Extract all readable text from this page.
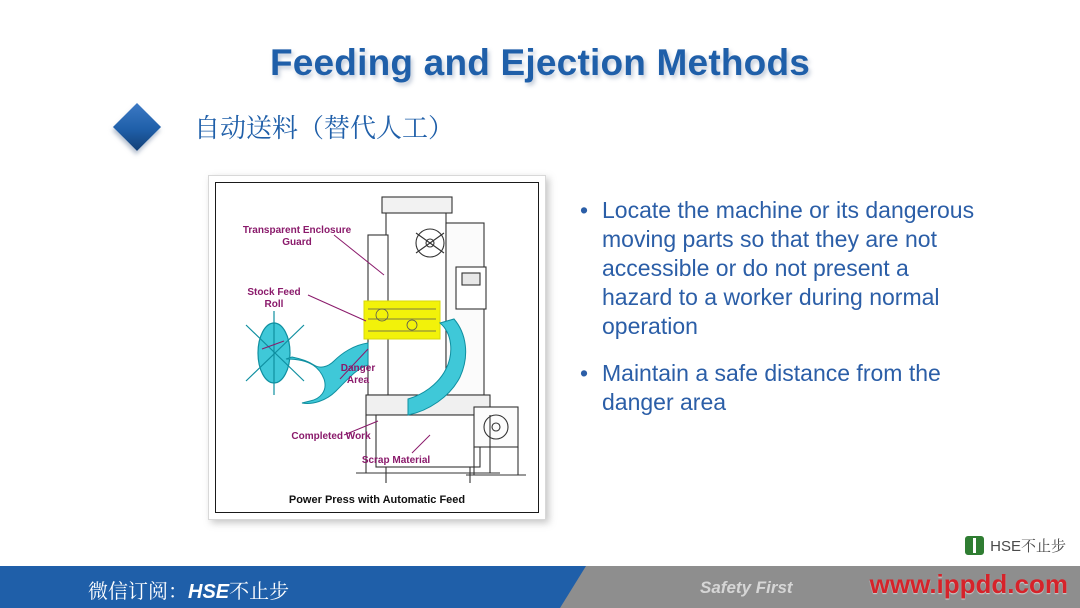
Feeding and Ejection Methods
自动送料（替代人工）
Transparent Enclosure
Guard
Stock Feed
Roll
Danger
Area
Completed Work
Scrap Material
Power Press with Automatic Feed
• Locate the machine or its dangerous moving parts so that they are not accessible or do not present a hazard to a worker during normal operation
• Maintain a safe distance from the danger area
HSE不止步
www.ippdd.com
微信订阅：HSE不止步	Safety First
